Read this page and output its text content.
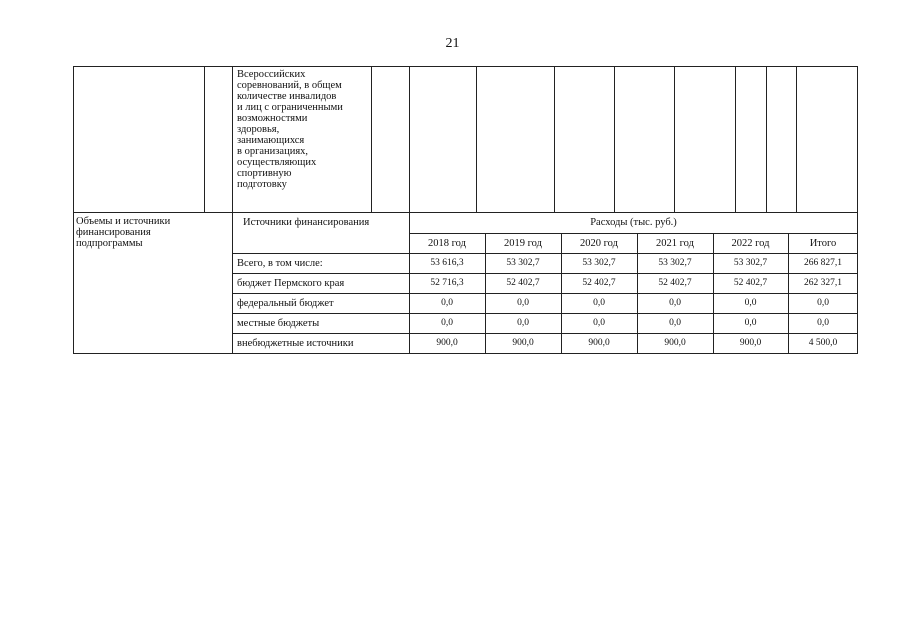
21
Всероссийских
соревнований, в общем
количестве инвалидов
и лиц с ограниченными
возможностями
здоровья,
занимающихся
в организациях,
осуществляющих
спортивную
подготовку
Объемы и источники
финансирования
подпрограммы
Источники финансирования	Расходы (тыс. руб.)
2018 год	2019 год	2020 год	2021 год	2022 год	Итого
Всего, в том числе:	53 616,3	53 302,7	53 302,7	53 302,7	53 302,7	266 827,1
бюджет Пермского края	52 716,3	52 402,7	52 402,7	52 402,7	52 402,7	262 327,1
федеральный бюджет	0,0	0,0	0,0	0,0	0,0	0,0
местные бюджеты	0,0	0,0	0,0	0,0	0,0	0,0
внебюджетные источники	900,0	900,0	900,0	900,0	900,0	4 500,0
